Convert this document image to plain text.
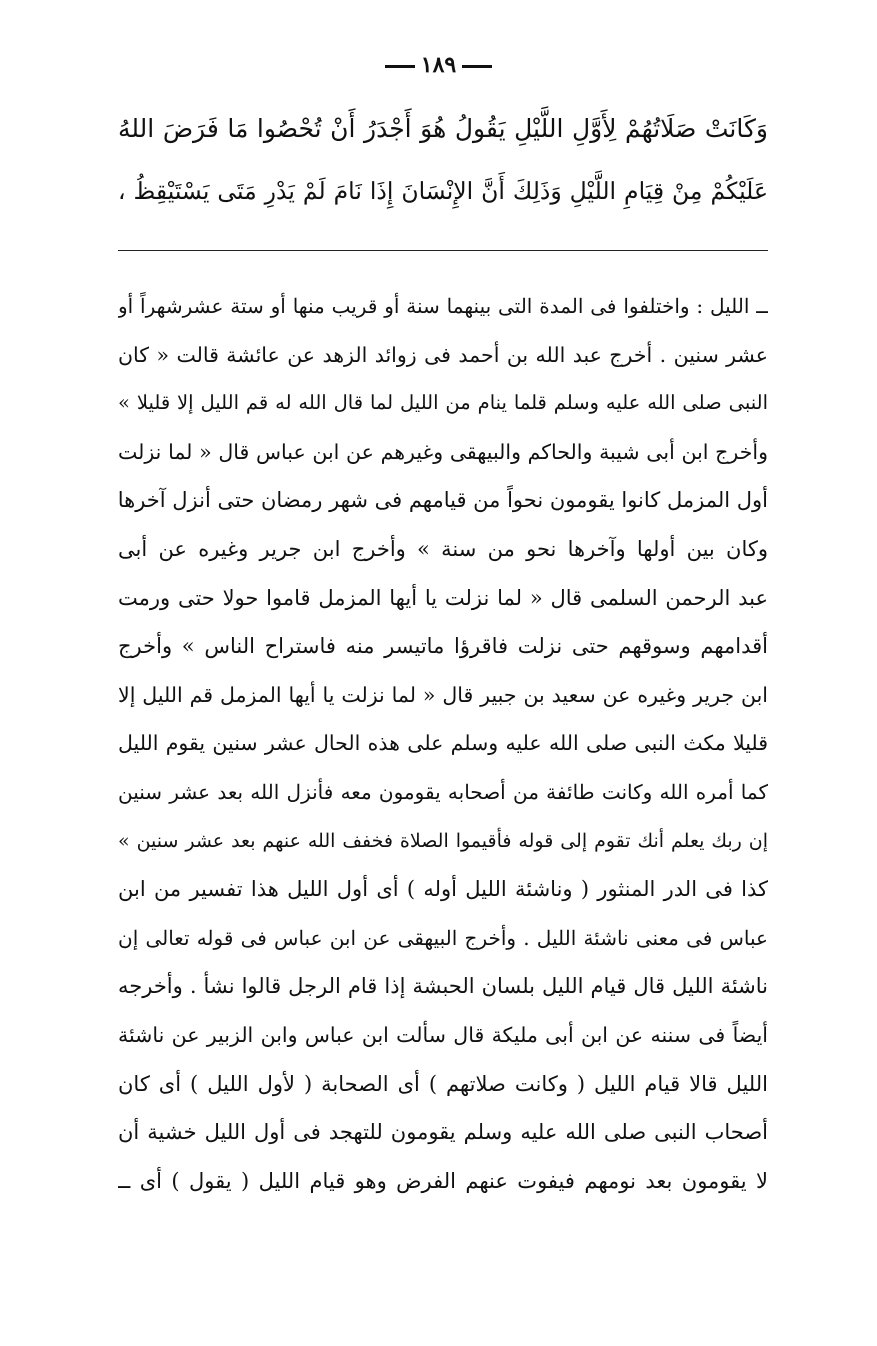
١٨٩
وَكَانَتْ صَلَاتُهُمْ لِأَوَّلِ اللَّيْلِ يَقُولُ هُوَ أَجْدَرُ أَنْ تُحْصُوا مَا فَرَضَ اللهُ
عَلَيْكُمْ مِنْ قِيَامِ اللَّيْلِ وَذَلِكَ أَنَّ الإِنْسَانَ إِذَا نَامَ لَمْ يَدْرِ مَتَى يَسْتَيْقِظُ ،
ــ الليل : واختلفوا فى المدة التى بينهما سنة أو قريب منها أو ستة عشرشهراً أو
عشر سنين . أخرج عبد الله بن أحمد فى زوائد الزهد عن عائشة قالت « كان
النبى صلى الله عليه وسلم قلما ينام من الليل لما قال الله له قم الليل إلا قليلا »
وأخرج ابن أبى شيبة والحاكم والبيهقى وغيرهم عن ابن عباس قال « لما نزلت
أول المزمل كانوا يقومون نحواً من قيامهم فى شهر رمضان حتى أنزل آخرها
وكان بين أولها وآخرها نحو من سنة » وأخرج ابن جرير وغيره عن أبى
عبد الرحمن السلمى قال « لما نزلت يا أيها المزمل قاموا حولا حتى ورمت
أقدامهم وسوقهم حتى نزلت فاقرؤا ماتيسر منه فاستراح الناس » وأخرج
ابن جرير وغيره عن سعيد بن جبير قال « لما نزلت يا أيها المزمل قم الليل إلا
قليلا مكث النبى صلى الله عليه وسلم على هذه الحال عشر سنين يقوم الليل
كما أمره الله وكانت طائفة من أصحابه يقومون معه فأنزل الله بعد عشر سنين
إن ربك يعلم أنك تقوم إلى قوله فأقيموا الصلاة فخفف الله عنهم بعد عشر سنين »
كذا فى الدر المنثور ( وناشئة الليل أوله ) أى أول الليل هذا تفسير من ابن
عباس فى معنى ناشئة الليل . وأخرج البيهقى عن ابن عباس فى قوله تعالى إن
ناشئة الليل قال قيام الليل بلسان الحبشة إذا قام الرجل قالوا نشأ . وأخرجه
أيضاً فى سننه عن ابن أبى مليكة قال سألت ابن عباس وابن الزبير عن ناشئة
الليل قالا قيام الليل ( وكانت صلاتهم ) أى الصحابة ( لأول الليل ) أى كان
أصحاب النبى صلى الله عليه وسلم يقومون للتهجد فى أول الليل خشية أن
لا يقومون بعد نومهم فيفوت عنهم الفرض وهو قيام الليل ( يقول ) أى ــ
